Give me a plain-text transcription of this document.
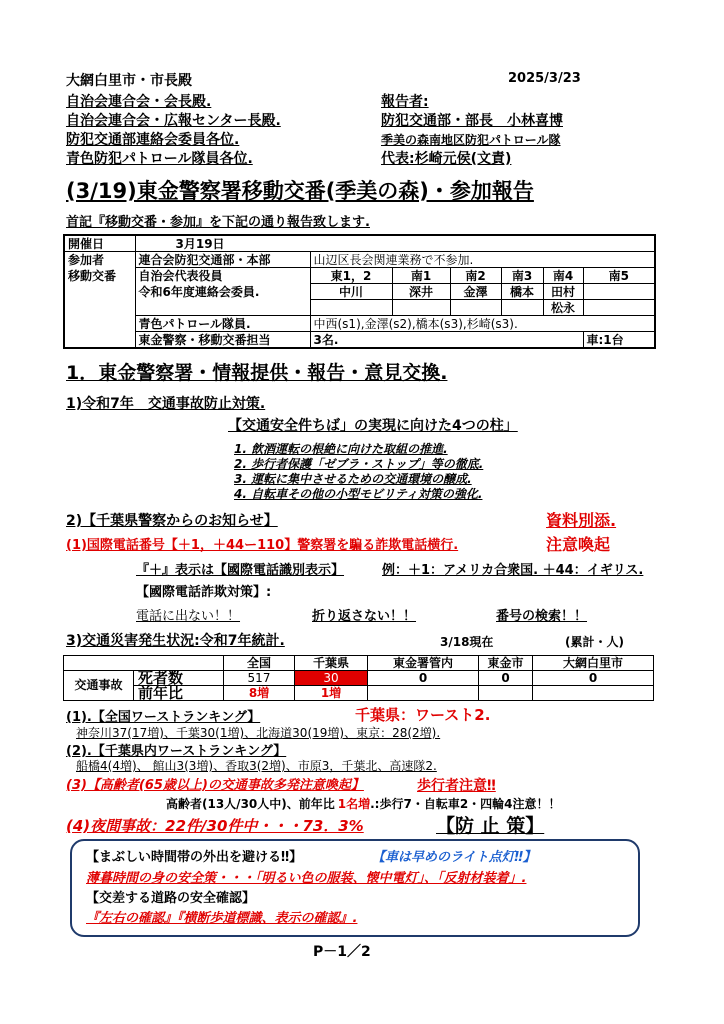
大網白里市・市長殿	2025/3/23
自治会連合会・会長殿.
自治会連合会・広報センター長殿.
防犯交通部連絡会委員各位.
青色防犯パトロール隊員各位.
報告者:
防犯交通部・部長　小林喜博
季美の森南地区防犯パトロール隊
代表:杉崎元侯(文責)
(3/19)東金警察署移動交番(季美の森)・参加報告
首記『移動交番・参加』を下記の通り報告致します.
開催日	3月19日						
参加者	連合会防犯交通部・本部	山辺区長会関連業務で不参加.					
移動交番	自治会代表役員	東1，2	南1	南2	南3	南4	南5
	令和6年度連絡会委員.	中川	深井	金澤	橋本	田村	
						松永	
	青色パトロール隊員.	中西(s1),金澤(s2),橋本(s3),杉崎(s3).					
	東金警察・移動交番担当	3名.					車:1台
1．東金警察署・情報提供・報告・意見交換.
1)令和7年　交通事故防止対策.
【交通安全件ちば」の実現に向けた4つの柱」
1. 飲酒運転の根絶に向けた取組の推進.
2. 歩行者保護「ゼブラ・ストップ」等の徹底.
3. 運転に集中させるための交通環境の醸成.
4. 自転車その他の小型モビリティ対策の強化.
2)【千葉県警察からのお知らせ】	資料別添.
(1)国際電話番号【＋1，＋44ー110】警察署を騙る詐欺電話横行.	注意喚起
『＋』表示は【國際電話識別表示】	例：＋1：アメリカ合衆国. ＋44：イギリス.
【國際電話詐欺対策】:
電話に出ない！！	折り返さない！！	番号の検索！！
3)交通災害発生状況:令和7年統計.	3/18現在	(累計・人)
		全国	千葉県	東金署管内	東金市	大網白里市
交通事故	死者数	517	30	0	0	0
	前年比	8増	1増			
(1).【全国ワーストランキング】	千葉県：ワースト2.
神奈川37(17増)、千葉30(1増)、北海道30(19増)、東京：28(2増).
(2).【千葉県内ワーストランキング】
船橋4(4増)、 館山3(3増)、香取3(2増)、市原3，千葉北、高速隊2.
(3)【高齢者(65歳以上)の交通事故多発注意喚起】	歩行者注意‼
高齢者(13人/30人中)、前年比 1名増.:歩行7・自転車2・四輪4注意！！
(4)夜間事故：22件/30件中・・・73．3%	【防 止 策】
【まぶしい時間帯の外出を避ける‼】	【車は早めのライト点灯‼】
薄暮時間の身の安全策・・・「明るい色の服装、懐中電灯」、「反射材装着」.
【交差する道路の安全確認】
『左右の確認』『横断歩道標識、表示の確認』.
P－1／2
